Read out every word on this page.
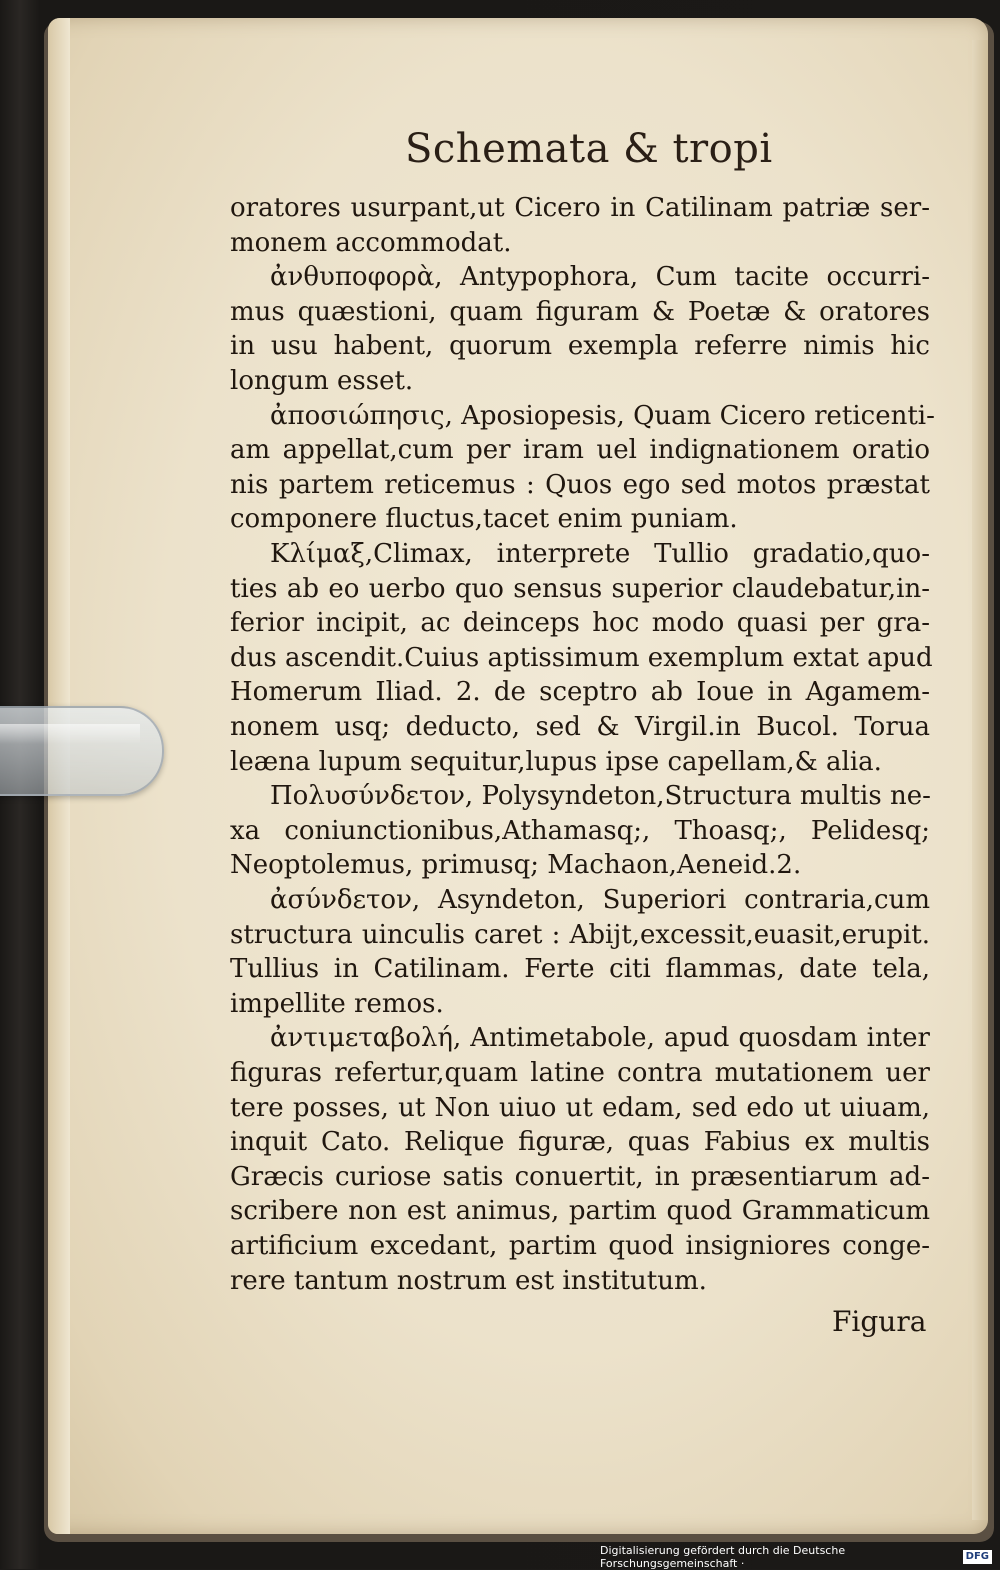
Schemata & tropi
oratores usurpant,ut Cicero in Catilinam patriæ ser-
monem accommodat.
ἀνθυποφορὰ, Antypophora, Cum tacite occurri-
mus quæstioni, quam figuram & Poetæ & oratores
in usu habent, quorum exempla referre nimis hic
longum esset.
ἀποσιώπησις, Aposiopesis, Quam Cicero reticenti-
am appellat,cum per iram uel indignationem oratio
nis partem reticemus : Quos ego sed motos præstat
componere fluctus,tacet enim puniam.
Κλίμαξ,Climax, interprete Tullio gradatio,quo-
ties ab eo uerbo quo sensus superior claudebatur,in-
ferior incipit, ac deinceps hoc modo quasi per gra-
dus ascendit.Cuius aptissimum exemplum extat apud
Homerum Iliad. 2. de sceptro ab Ioue in Agamem-
nonem usq; deducto, sed & Virgil.in Bucol. Torua
leæna lupum sequitur,lupus ipse capellam,& alia.
Πολυσύνδετον, Polysyndeton,Structura multis ne-
xa coniunctionibus,Athamasq;, Thoasq;, Pelidesq;
Neoptolemus, primusq; Machaon,Aeneid.2.
ἀσύνδετον, Asyndeton, Superiori contraria,cum
structura uinculis caret : Abijt,excessit,euasit,erupit.
Tullius in Catilinam. Ferte citi flammas, date tela,
impellite remos.
ἀντιμεταβολή, Antimetabole, apud quosdam inter
figuras refertur,quam latine contra mutationem uer
tere posses, ut Non uiuo ut edam, sed edo ut uiuam,
inquit Cato. Relique figuræ, quas Fabius ex multis
Græcis curiose satis conuertit, in præsentiarum ad-
scribere non est animus, partim quod Grammaticum
artificium excedant, partim quod insigniores conge-
rere tantum nostrum est institutum.
Figura
Digitalisierung gefördert durch die Deutsche Forschungsgemeinschaft ·
DFG
